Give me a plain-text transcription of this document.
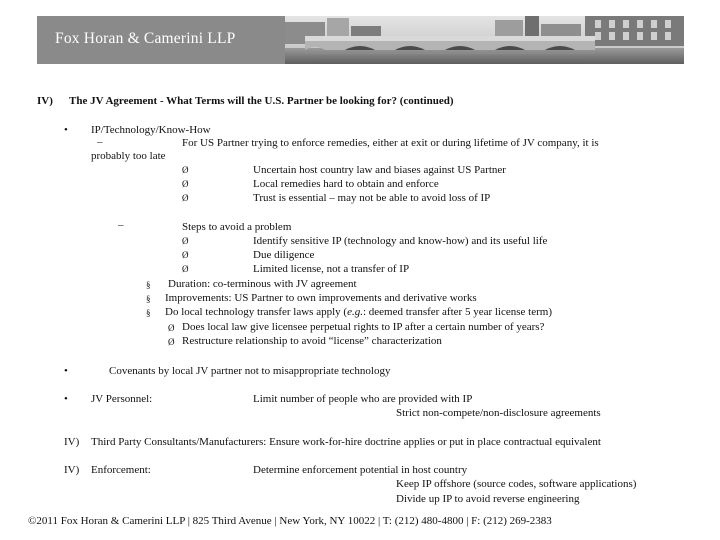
Fox Horan & Camerini LLP
IV) The JV Agreement - What Terms will the U.S. Partner be looking for? (continued)
• IP/Technology/Know-How
–	For US Partner trying to enforce remedies, either at exit or during lifetime of JV company, it is
probably too late
Ø	Uncertain host country law and biases against US Partner
Ø	Local remedies hard to obtain and enforce
Ø	Trust is essential – may not be able to avoid loss of IP
–	Steps to avoid a problem
Ø	Identify sensitive IP (technology and know-how) and its useful life
Ø	Due diligence
Ø	Limited license, not a transfer of IP
§ Duration: co-terminous with JV agreement
§ Improvements: US Partner to own improvements and derivative works
§ Do local technology transfer laws apply (e.g.: deemed transfer after 5 year license term)
Ø Does local law give licensee perpetual rights to IP after a certain number of years?
Ø Restructure relationship to avoid “license” characterization
•	Covenants by local JV partner not to misappropriate technology
• JV Personnel:	Limit number of people who are provided with IP
Strict non-compete/non-disclosure agreements
IV) Third Party Consultants/Manufacturers: Ensure work-for-hire doctrine applies or put in place contractual equivalent
IV) Enforcement:	Determine enforcement potential in host country
Keep IP offshore (source codes, software applications)
Divide up IP to avoid reverse engineering
©2011 Fox Horan & Camerini LLP | 825 Third Avenue | New York, NY 10022 | T: (212) 480-4800 | F: (212) 269-2383
